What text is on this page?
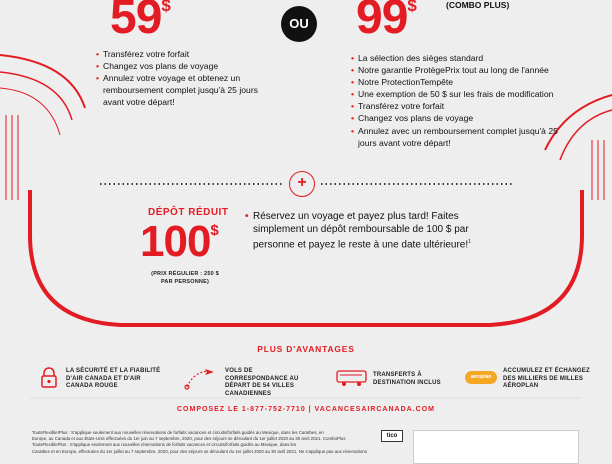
59$
• Transférez votre forfait
• Changez vos plans de voyage
• Annulez votre voyage et obtenez un remboursement complet jusqu'à 25 jours avant votre départ!
OU 99$	(COMBO PLUS)
• La sélection des sièges standard
• Notre garantie ProtègePrix tout au long de l'année
• Notre ProtectionTempête
• Une exemption de 50 $ sur les frais de modification
• Transférez votre forfait
• Changez vos plans de voyage
• Annulez avec un remboursement complet jusqu'à 25 jours avant votre départ!
+
DÉPÔT RÉDUIT
100$
(PRIX RÉGULIER : 250 $ PAR PERSONNE)
• Réservez un voyage et payez plus tard! Faites simplement un dépôt remboursable de 100 $ par personne et payez le reste à une date ultérieure!$^1$
PLUS D'AVANTAGES
LA SÉCURITÉ ET LA FIABILITÉ D'AIR CANADA ET D'AIR CANADA ROUGE
VOLS DE CORRESPONDANCE AU DÉPART DE 54 VILLES CANADIENNES
TRANSFERTS À DESTINATION INCLUS
aeroplan
ACCUMULEZ ET ÉCHANGEZ DES MILLIERS DE MILLES AÉROPLAN
COMPOSEZ LE 1-877-752-7710 | VACANCESAIRCANADA.COM
ToutsFlexibleIPlus : S'applique seulement aux nouvelles réservations de forfaits vacances et circuits/forfaits guidés au Mexique, dans les Caraïbes, en
Europe, au Canada et aux États-Unis effectuées du 1er juin au 7 septembre, 2020, pour des séjours se déroulant du 1er juillet 2020 au 30 avril 2021. ComboPlus
ToutsFlexiblePlus : S'applique seulement aux nouvelles réservations de forfaits vacances et circuits/forfaits guidés au Mexique, dans les
Caraïbes et en Europe, effectuées du 1er juillet au 7 septembre, 2020, pour des séjours se déroulant du 1er juillet 2020 au 30 avril 2021. Ne s'applique pas aux réservations
tico
